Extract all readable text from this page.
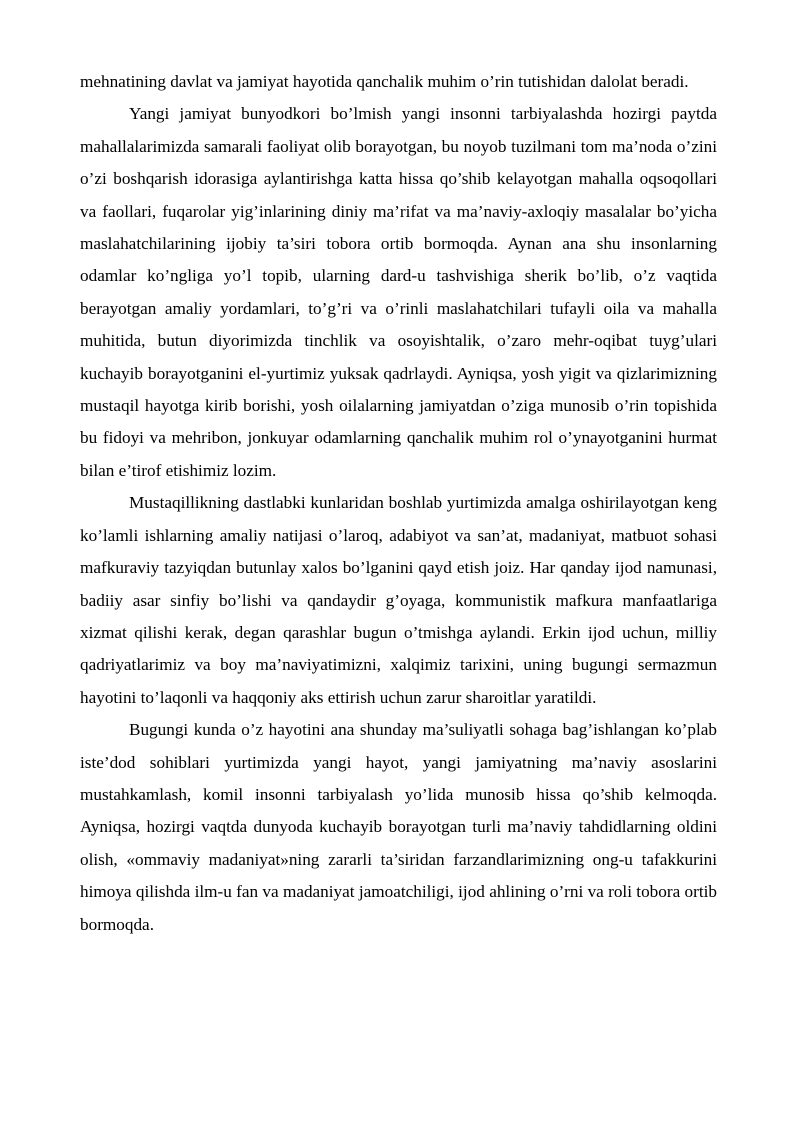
mehnatining davlat va jamiyat hayotida qanchalik muhim o’rin tutishidan dalolat beradi.

Yangi jamiyat bunyodkori bo’lmish yangi insonni tarbiyalashda hozirgi paytda mahallalarimizda samarali faoliyat olib borayotgan, bu noyob tuzilmani tom ma’noda o’zini o’zi boshqarish idorasiga aylantirishga katta hissa qo’shib kelayotgan mahalla oqsoqollari va faollari, fuqarolar yig’inlarining diniy ma’rifat va ma’naviy-axloqiy masalalar bo’yicha maslahatchilarining ijobiy ta’siri tobora ortib bormoqda. Aynan ana shu insonlarning odamlar ko’ngliga yo’l topib, ularning dard-u tashvishiga sherik bo’lib, o’z vaqtida berayotgan amaliy yordamlari, to’g’ri va o’rinli maslahatchilari tufayli oila va mahalla muhitida, butun diyorimizda tinchlik va osoyishtalik, o’zaro mehr-oqibat tuyg’ulari kuchayib borayotganini el-yurtimiz yuksak qadrlaydi. Ayniqsa, yosh yigit va qizlarimizning mustaqil hayotga kirib borishi, yosh oilalarning jamiyatdan o’ziga munosib o’rin topishida bu fidoyi va mehribon, jonkuyar odamlarning qanchalik muhim rol o’ynayotganini hurmat bilan e’tirof etishimiz lozim.

Mustaqillikning dastlabki kunlaridan boshlab yurtimizda amalga oshirilayotgan keng ko’lamli ishlarning amaliy natijasi o’laroq, adabiyot va san’at, madaniyat, matbuot sohasi mafkuraviy tazyiqdan butunlay xalos bo’lganini qayd etish joiz. Har qanday ijod namunasi, badiiy asar sinfiy bo’lishi va qandaydir g’oyaga, kommunistik mafkura manfaatlariga xizmat qilishi kerak, degan qarashlar bugun o’tmishga aylandi. Erkin ijod uchun, milliy qadriyatlarimiz va boy ma’naviyatimizni, xalqimiz tarixini, uning bugungi sermazmun hayotini to’laqonli va haqqoniy aks ettirish uchun zarur sharoitlar yaratildi.

Bugungi kunda o’z hayotini ana shunday ma’suliyatli sohaga bag’ishlangan ko’plab iste’dod sohiblari yurtimizda yangi hayot, yangi jamiyatning ma’naviy asoslarini mustahkamlash, komil insonni tarbiyalash yo’lida munosib hissa qo’shib kelmoqda. Ayniqsa, hozirgi vaqtda dunyoda kuchayib borayotgan turli ma’naviy tahdidlarning oldini olish, «ommaviy madaniyat»ning zararli ta’siridan farzandlarimizning ong-u tafakkurini himoya qilishda ilm-u fan va madaniyat jamoatchiligi, ijod ahlining o’rni va roli tobora ortib bormoqda.
